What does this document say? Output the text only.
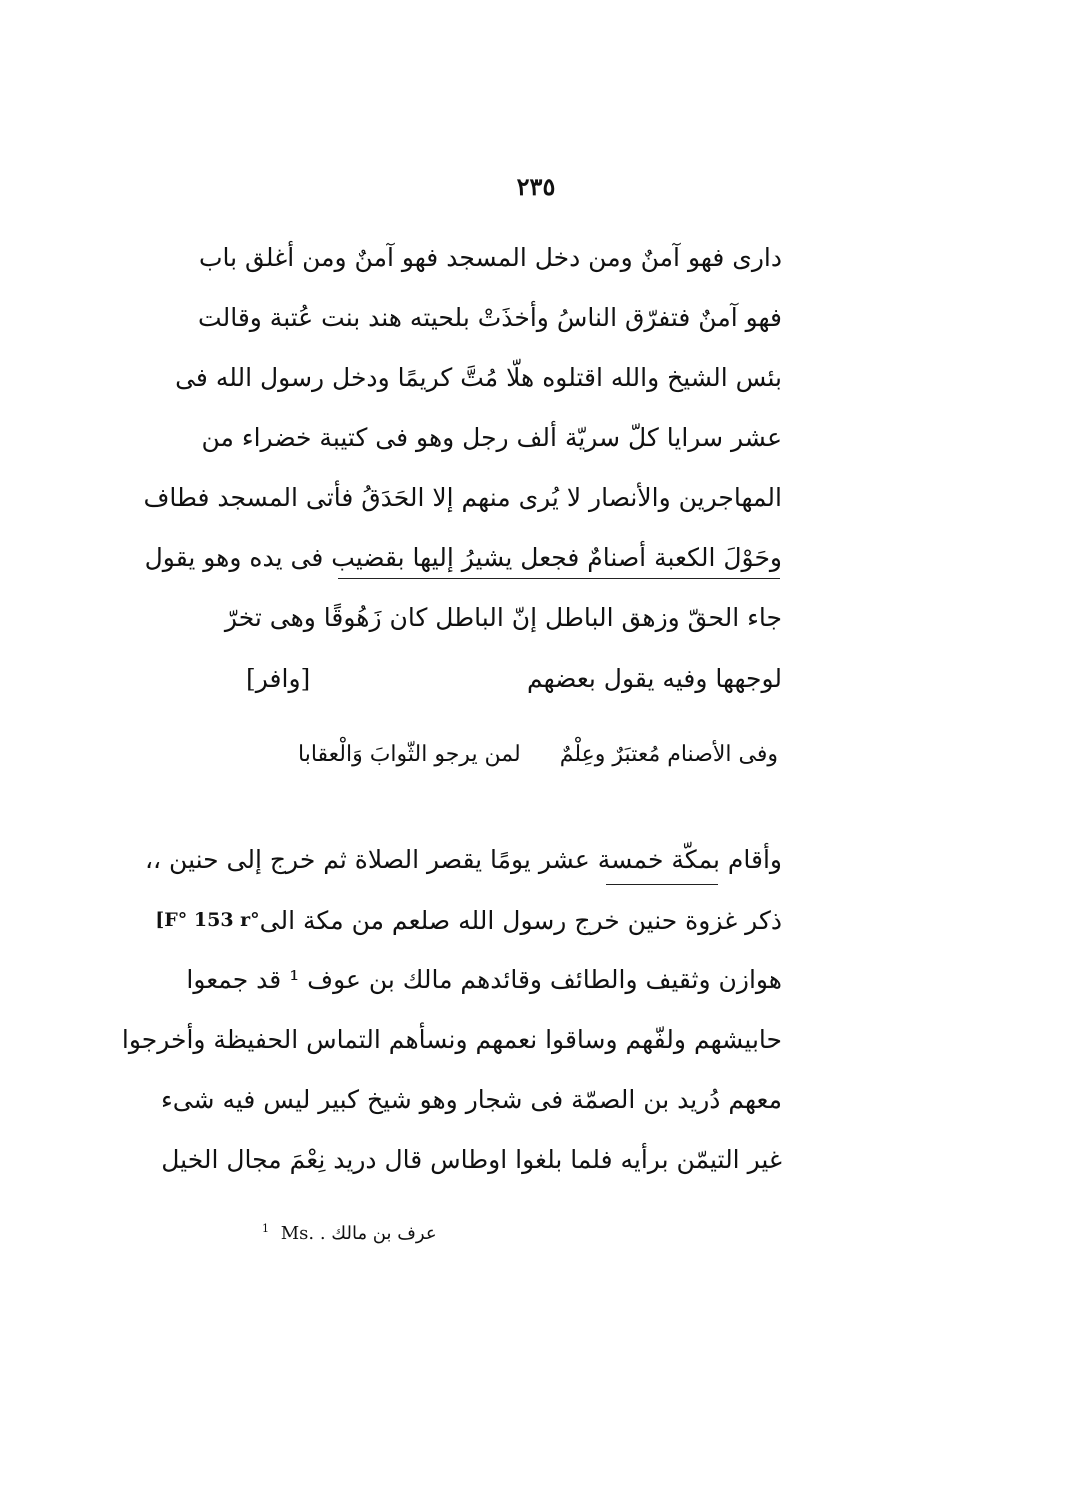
٢٣٥
دارى فهو آمنٌ ومن دخل المسجد فهو آمنٌ ومن أغلق باب
فهو آمنٌ فتفرّق الناسُ وأخذَتْ بلحيته هند بنت عُتبة وقالت
بئس الشيخ والله اقتلوه هلّا مُتَّ كريمًا ودخل رسول الله فى
عشر سرايا كلّ سريّة ألف رجل وهو فى كتيبة خضراء من
المهاجرين والأنصار لا يُرى منهم إلا الحَدَقُ فأتى المسجد فطاف
وحَوْلَ الكعبة أصنامٌ فجعل يشيرُ إليها بقضيب فى يده وهو يقول
جاء الحقّ وزهق الباطل إنّ الباطل كان زَهُوقًا وهى تخرّ
لوجهها وفيه يقول بعضهم
[وافر]
وفى الأصنام مُعتبَرٌ وعِلْمٌ
لمن يرجو الثّوابَ وَالْعقابا
وأقام بمكّة خمسة عشر يومًا يقصر الصلاة ثم خرج إلى حنين ،،
ذكر غزوة حنين خرج رسول الله صلعم من مكة الى
[F° 153 r°
هوازن وثقيف والطائف وقائدهم مالك بن عوف ¹ قد جمعوا
حابيشهم ولفّهم وساقوا نعمهم ونسأهم التماس الحفيظة وأخرجوا
معهم دُريد بن الصمّة فى شجار وهو شيخ كبير ليس فيه شىء
غير التيمّن برأيه فلما بلغوا اوطاس قال دريد نِعْمَ مجال الخيل
$^1$ Ms. عرف بن مالك .
